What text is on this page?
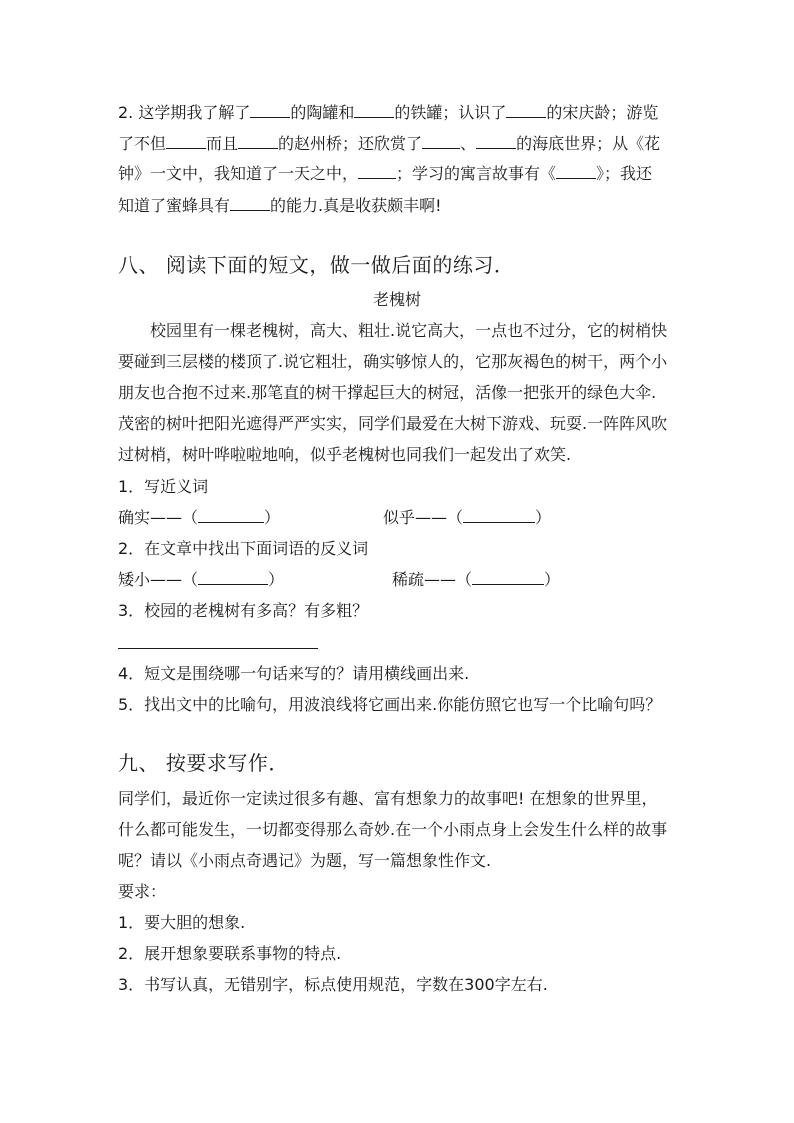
2. 这学期我了解了	的陶罐和	的铁罐；认识了	的宋庆龄；游览
了不但	而且	的赵州桥；还欣赏了 、	的海底世界；从《花
钟》一文中，我知道了一天之中， ；学习的寓言故事有《	》；我还
知道了蜜蜂具有	的能力.真是收获颇丰啊!
八、 阅读下面的短文，做一做后面的练习．
老槐树
校园里有一棵老槐树，高大、粗壮.说它高大，一点也不过分，它的树梢快
要碰到三层楼的楼顶了.说它粗壮，确实够惊人的，它那灰褐色的树干，两个小
朋友也合抱不过来.那笔直的树干撑起巨大的树冠，活像一把张开的绿色大伞.
茂密的树叶把阳光遮得严严实实，同学们最爱在大树下游戏、玩耍.一阵阵风吹
过树梢，树叶哗啦啦地响，似乎老槐树也同我们一起发出了欢笑.
1．写近义词
确实——（	）	似乎——（	）
2．在文章中找出下面词语的反义词
矮小——（	）	稀疏——（	）
3．校园的老槐树有多高？有多粗？
4．短文是围绕哪一句话来写的？请用横线画出来.
5．找出文中的比喻句，用波浪线将它画出来.你能仿照它也写一个比喻句吗？
九、 按要求写作．
同学们，最近你一定读过很多有趣、富有想象力的故事吧! 在想象的世界里，
什么都可能发生，一切都变得那么奇妙.在一个小雨点身上会发生什么样的故事
呢？请以《小雨点奇遇记》为题，写一篇想象性作文.
要求：
1．要大胆的想象.
2．展开想象要联系事物的特点.
3．书写认真，无错别字，标点使用规范，字数在300字左右.
